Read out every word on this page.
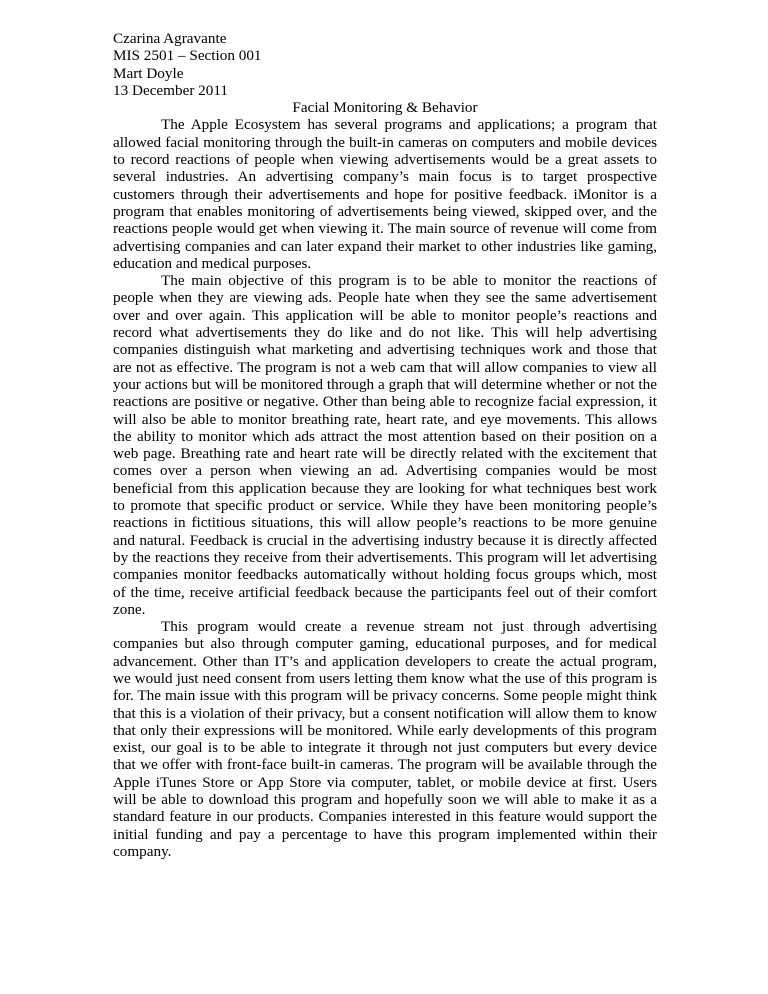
Czarina Agravante
MIS 2501 – Section 001
Mart Doyle
13 December 2011
Facial Monitoring & Behavior

The Apple Ecosystem has several programs and applications; a program that allowed facial monitoring through the built-in cameras on computers and mobile devices to record reactions of people when viewing advertisements would be a great assets to several industries. An advertising company’s main focus is to target prospective customers through their advertisements and hope for positive feedback. iMonitor is a program that enables monitoring of advertisements being viewed, skipped over, and the reactions people would get when viewing it. The main source of revenue will come from advertising companies and can later expand their market to other industries like gaming, education and medical purposes.

The main objective of this program is to be able to monitor the reactions of people when they are viewing ads. People hate when they see the same advertisement over and over again. This application will be able to monitor people’s reactions and record what advertisements they do like and do not like. This will help advertising companies distinguish what marketing and advertising techniques work and those that are not as effective. The program is not a web cam that will allow companies to view all your actions but will be monitored through a graph that will determine whether or not the reactions are positive or negative. Other than being able to recognize facial expression, it will also be able to monitor breathing rate, heart rate, and eye movements. This allows the ability to monitor which ads attract the most attention based on their position on a web page. Breathing rate and heart rate will be directly related with the excitement that comes over a person when viewing an ad. Advertising companies would be most beneficial from this application because they are looking for what techniques best work to promote that specific product or service. While they have been monitoring people’s reactions in fictitious situations, this will allow people’s reactions to be more genuine and natural. Feedback is crucial in the advertising industry because it is directly affected by the reactions they receive from their advertisements. This program will let advertising companies monitor feedbacks automatically without holding focus groups which, most of the time, receive artificial feedback because the participants feel out of their comfort zone.

This program would create a revenue stream not just through advertising companies but also through computer gaming, educational purposes, and for medical advancement. Other than IT’s and application developers to create the actual program, we would just need consent from users letting them know what the use of this program is for. The main issue with this program will be privacy concerns. Some people might think that this is a violation of their privacy, but a consent notification will allow them to know that only their expressions will be monitored. While early developments of this program exist, our goal is to be able to integrate it through not just computers but every device that we offer with front-face built-in cameras. The program will be available through the Apple iTunes Store or App Store via computer, tablet, or mobile device at first. Users will be able to download this program and hopefully soon we will able to make it as a standard feature in our products. Companies interested in this feature would support the initial funding and pay a percentage to have this program implemented within their company.
